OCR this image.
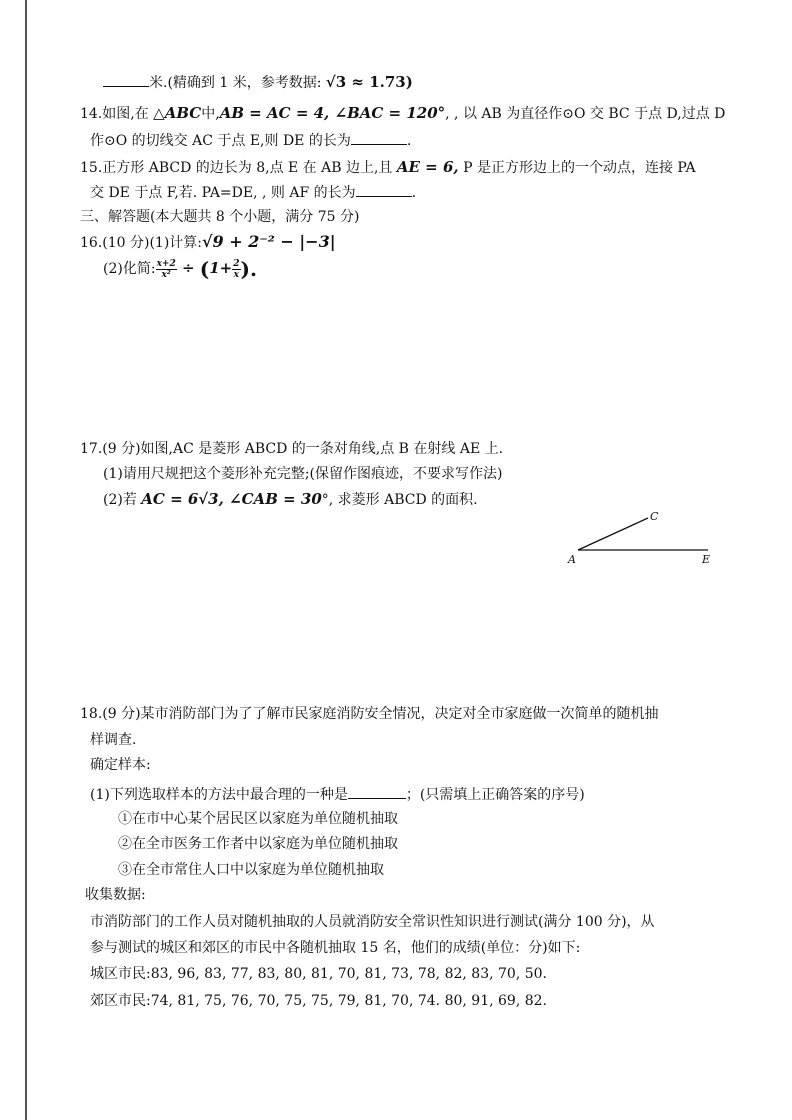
米.(精确到 1 米，参考数据: √3 ≈ 1.73)
14.如图,在 △ABC中,AB = AC = 4, ∠BAC = 120°, , 以 AB 为直径作⊙O 交 BC 于点 D,过点 D
作⊙O 的切线交 AC 于点 E,则 DE 的长为	.
15.正方形 ABCD 的边长为 8,点 E 在 AB 边上,且 AE = 6, P 是正方形边上的一个动点，连接 PA
交 DE 于点 F,若. PA=DE, , 则 AF 的长为	.
三、解答题(本大题共 8 个小题，满分 75 分)
16.(10 分)(1)计算:√9 + 2⁻² − |−3|
(2)化简: $\frac{x+2}{\text{x²}} \div (1+ \frac{2}{x}$ ).
17.(9 分)如图,AC 是菱形 ABCD 的一条对角线,点 B 在射线 AE 上.
(1)请用尺规把这个菱形补充完整;(保留作图痕迹，不要求写作法)
(2)若 AC = 6√3, ∠CAB = 30°, 求菱形 ABCD 的面积.
A
C
E
18.(9 分)某市消防部门为了了解市民家庭消防安全情况，决定对全市家庭做一次简单的随机抽
样调查.
确定样本:
(1)下列选取样本的方法中最合理的一种是	；(只需填上正确答案的序号)
①在市中心某个居民区以家庭为单位随机抽取
②在全市医务工作者中以家庭为单位随机抽取
③在全市常住人口中以家庭为单位随机抽取
收集数据:
市消防部门的工作人员对随机抽取的人员就消防安全常识性知识进行测试(满分 100 分)，从
参与测试的城区和郊区的市民中各随机抽取 15 名，他们的成绩(单位：分)如下:
城区市民:83, 96, 83, 77, 83, 80, 81, 70, 81, 73, 78, 82, 83, 70, 50.
郊区市民:74, 81, 75, 76, 70, 75, 75, 79, 81, 70, 74. 80, 91, 69, 82.
